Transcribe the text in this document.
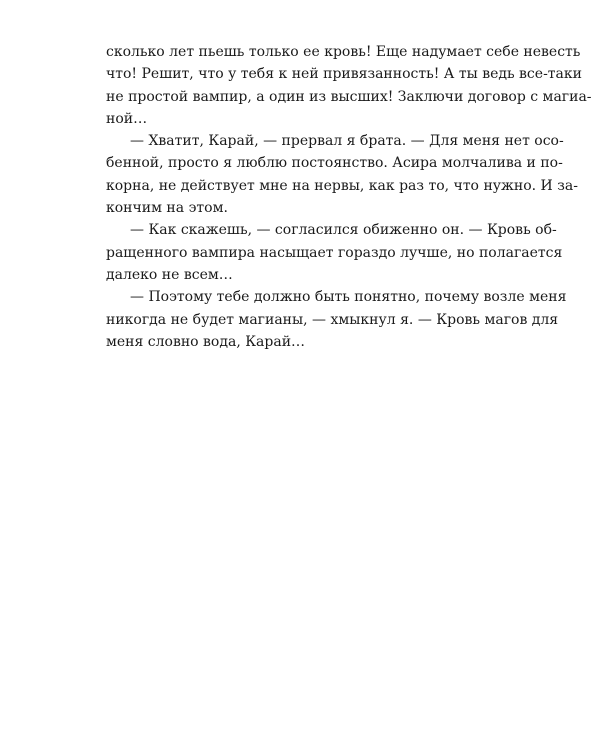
сколько лет пьешь только ее кровь! Еще надумает себе невесть
что! Решит, что у тебя к ней привязанность! А ты ведь все-таки
не простой вампир, а один из высших! Заключи договор с магиа-
ной…
— Хватит, Карай, — прервал я брата. — Для меня нет осо-
бенной, просто я люблю постоянство. Асира молчалива и по-
корна, не действует мне на нервы, как раз то, что нужно. И за-
кончим на этом.
— Как скажешь, — согласился обиженно он. — Кровь об-
ращенного вампира насыщает гораздо лучше, но полагается
далеко не всем…
— Поэтому тебе должно быть понятно, почему возле меня
никогда не будет магианы, — хмыкнул я. — Кровь магов для
меня словно вода, Карай…
